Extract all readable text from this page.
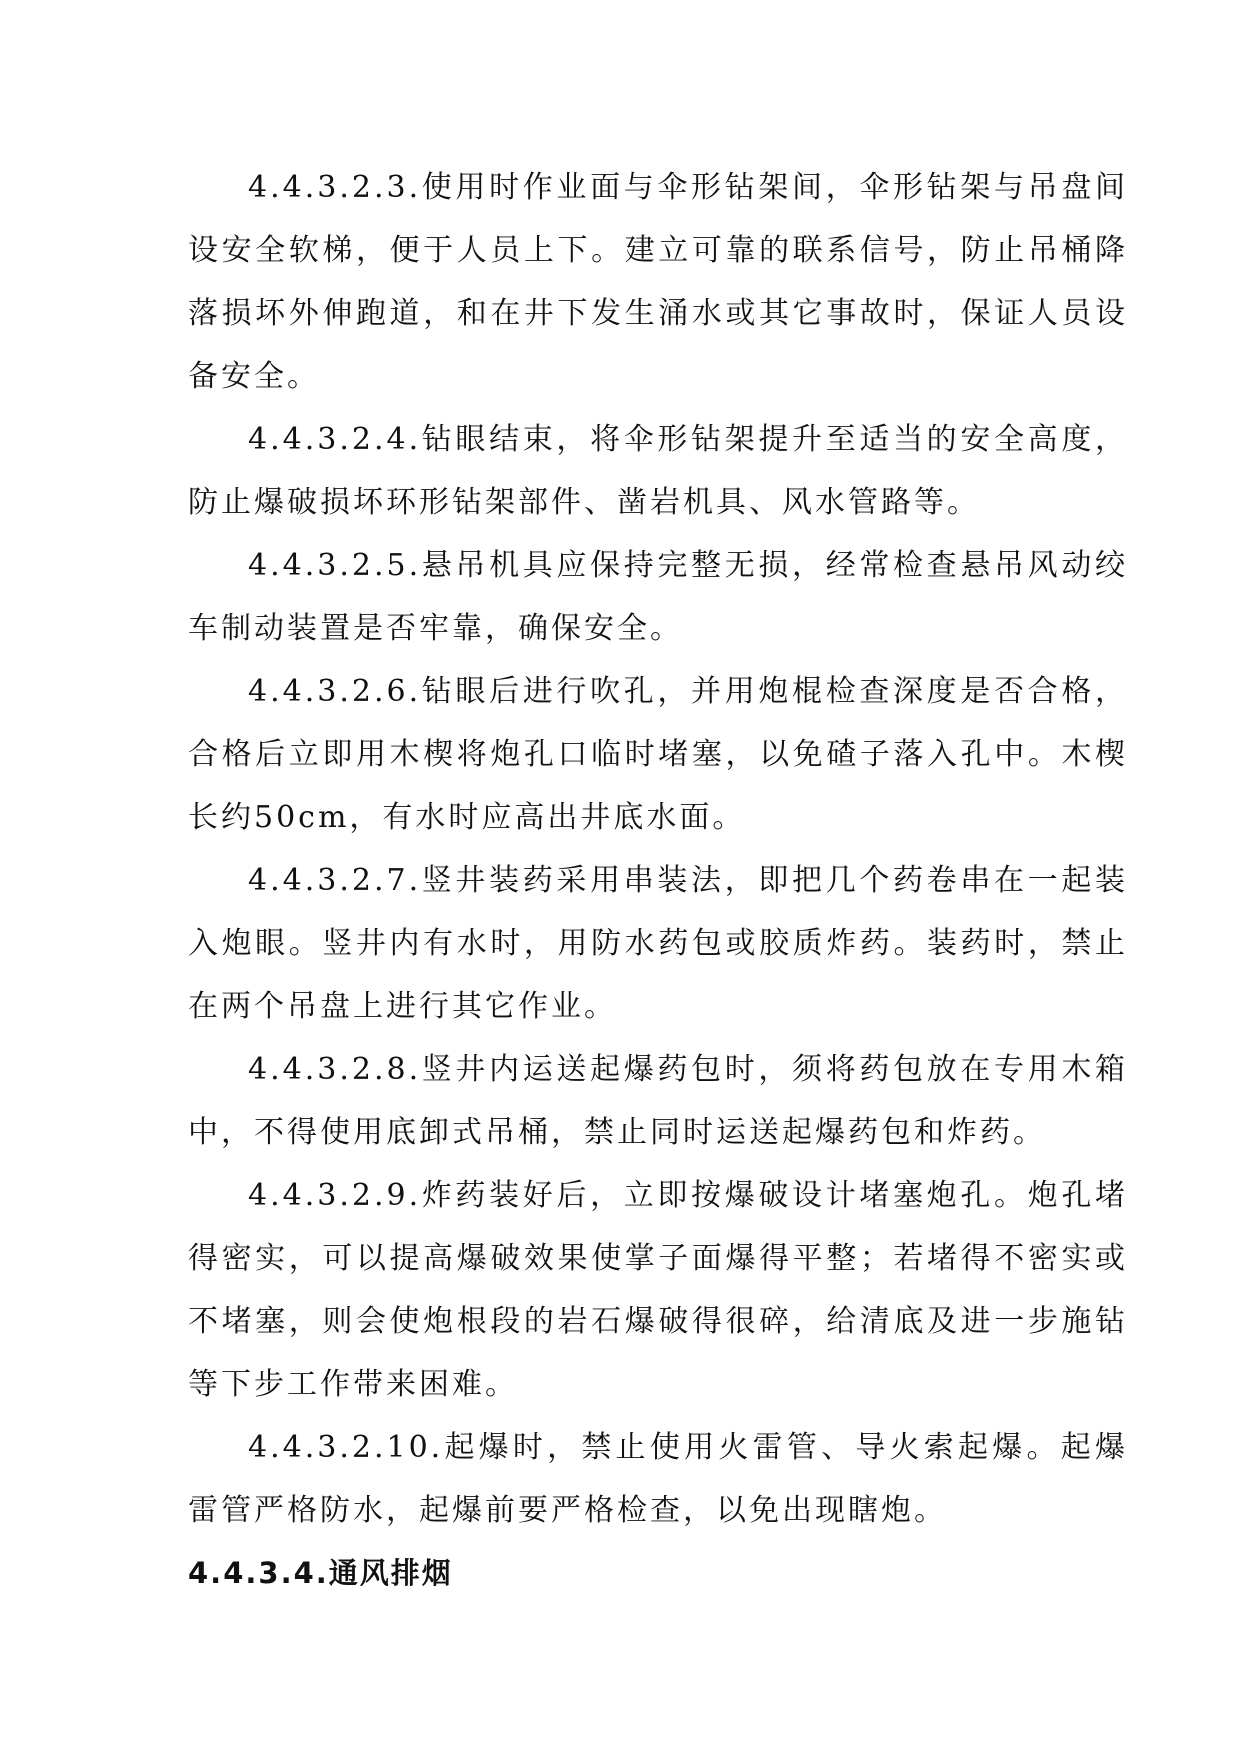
4.4.3.2.3.使用时作业面与伞形钻架间，伞形钻架与吊盘间设安全软梯，便于人员上下。建立可靠的联系信号，防止吊桶降落损坏外伸跑道，和在井下发生涌水或其它事故时，保证人员设备安全。

4.4.3.2.4.钻眼结束，将伞形钻架提升至适当的安全高度，防止爆破损坏环形钻架部件、凿岩机具、风水管路等。

4.4.3.2.5.悬吊机具应保持完整无损，经常检查悬吊风动绞车制动装置是否牢靠，确保安全。

4.4.3.2.6.钻眼后进行吹孔，并用炮棍检查深度是否合格，合格后立即用木楔将炮孔口临时堵塞，以免碴子落入孔中。木楔长约50cm，有水时应高出井底水面。

4.4.3.2.7.竖井装药采用串装法，即把几个药卷串在一起装入炮眼。竖井内有水时，用防水药包或胶质炸药。装药时，禁止在两个吊盘上进行其它作业。

4.4.3.2.8.竖井内运送起爆药包时，须将药包放在专用木箱中，不得使用底卸式吊桶，禁止同时运送起爆药包和炸药。

4.4.3.2.9.炸药装好后，立即按爆破设计堵塞炮孔。炮孔堵得密实，可以提高爆破效果使掌子面爆得平整；若堵得不密实或不堵塞，则会使炮根段的岩石爆破得很碎，给清底及进一步施钻等下步工作带来困难。

4.4.3.2.10.起爆时，禁止使用火雷管、导火索起爆。起爆雷管严格防水，起爆前要严格检查，以免出现瞎炮。

4.4.3.4.通风排烟
